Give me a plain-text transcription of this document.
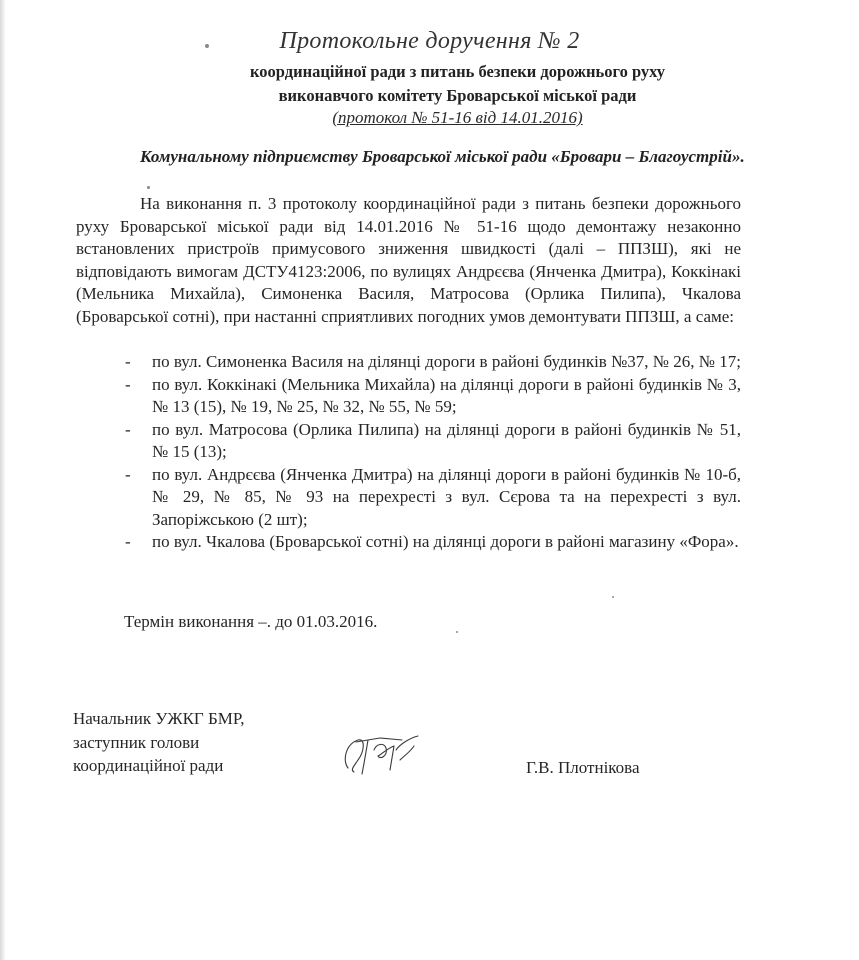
Протокольне доручення № 2
координаційної ради з питань безпеки дорожнього руху
виконавчого комітету Броварської міської ради
(протокол № 51-16 від 14.01.2016)
Комунальному підприємству Броварської міської ради «Бровари – Благоустрій».
На виконання п. 3 протоколу координаційної ради з питань безпеки дорожнього руху Броварської міської ради від 14.01.2016 № 51-16 щодо демонтажу незаконно встановлених пристроїв примусового зниження швидкості (далі – ППЗШ), які не відповідають вимогам ДСТУ4123:2006, по вулицях Андрєєва (Янченка Дмитра), Коккінакі (Мельника Михайла), Симоненка Василя, Матросова (Орлика Пилипа), Чкалова (Броварської сотні), при настанні сприятливих погодних умов демонтувати ППЗШ, а саме:
- по вул. Симоненка Василя на ділянці дороги в районі будинків №37, № 26, № 17;
- по вул. Коккінакі (Мельника Михайла) на ділянці дороги в районі будинків № 3, № 13 (15), № 19, № 25, № 32, № 55, № 59;
- по вул. Матросова (Орлика Пилипа) на ділянці дороги в районі будинків № 51, № 15 (13);
- по вул. Андрєєва (Янченка Дмитра) на ділянці дороги в районі будинків № 10-б, № 29, № 85, № 93 на перехресті з вул. Сєрова та на перехресті з вул. Запоріжською (2 шт);
- по вул. Чкалова (Броварської сотні) на ділянці дороги в районі магазину «Фора».
Термін виконання –. до 01.03.2016.
Начальник УЖКГ БМР,
заступник голови
координаційної ради	Г.В. Плотнікова
